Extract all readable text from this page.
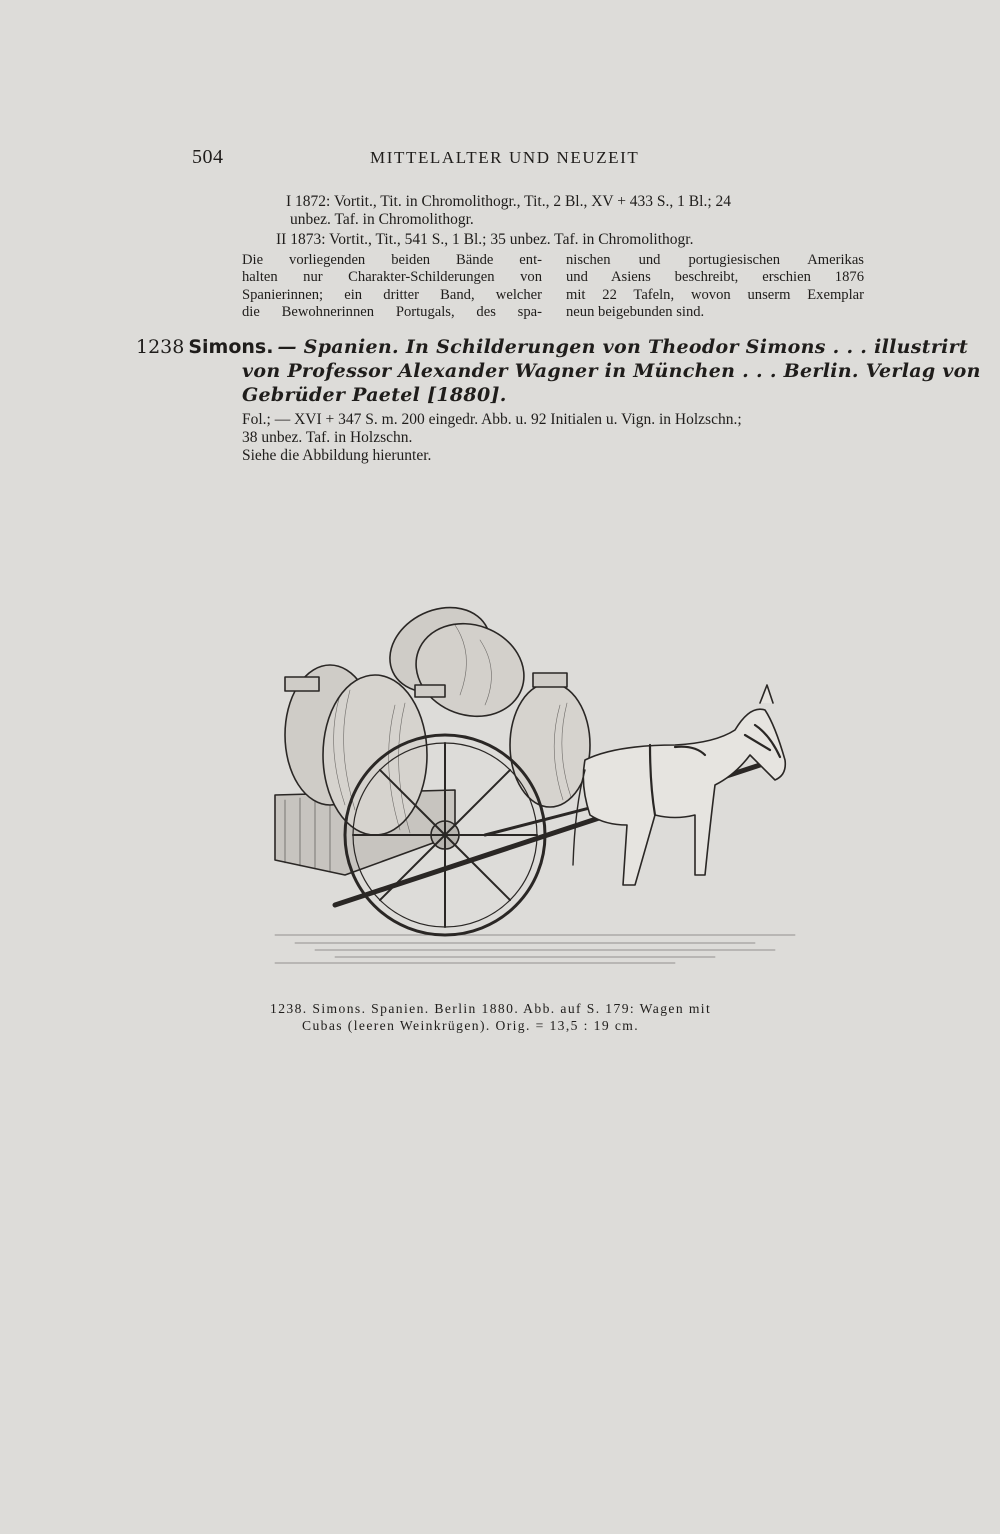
504	MITTELALTER UND NEUZEIT
I 1872: Vortit., Tit. in Chromolithogr., Tit., 2 Bl., XV + 433 S., 1 Bl.; 24
unbez. Taf. in Chromolithogr.
II 1873: Vortit., Tit., 541 S., 1 Bl.; 35 unbez. Taf. in Chromolithogr.
Die vorliegenden beiden Bände ent-
halten nur Charakter-Schilderungen von
Spanierinnen; ein dritter Band, welcher
die Bewohnerinnen Portugals, des spa-
nischen und portugiesischen Amerikas
und Asiens beschreibt, erschien 1876
mit 22 Tafeln, wovon unserm Exemplar
neun beigebunden sind.
1238 Simons. — Spanien. In Schilderungen von Theodor Simons . . . illustrirt
von Professor Alexander Wagner in München . . . Berlin. Verlag von
Gebrüder Paetel [1880].
Fol.; — XVI + 347 S. m. 200 eingedr. Abb. u. 92 Initialen u. Vign. in Holzschn.;
38 unbez. Taf. in Holzschn.
Siehe die Abbildung hierunter.
1238. Simons. Spanien. Berlin 1880. Abb. auf S. 179: Wagen mit
Cubas (leeren Weinkrügen). Orig. = 13,5 : 19 cm.
